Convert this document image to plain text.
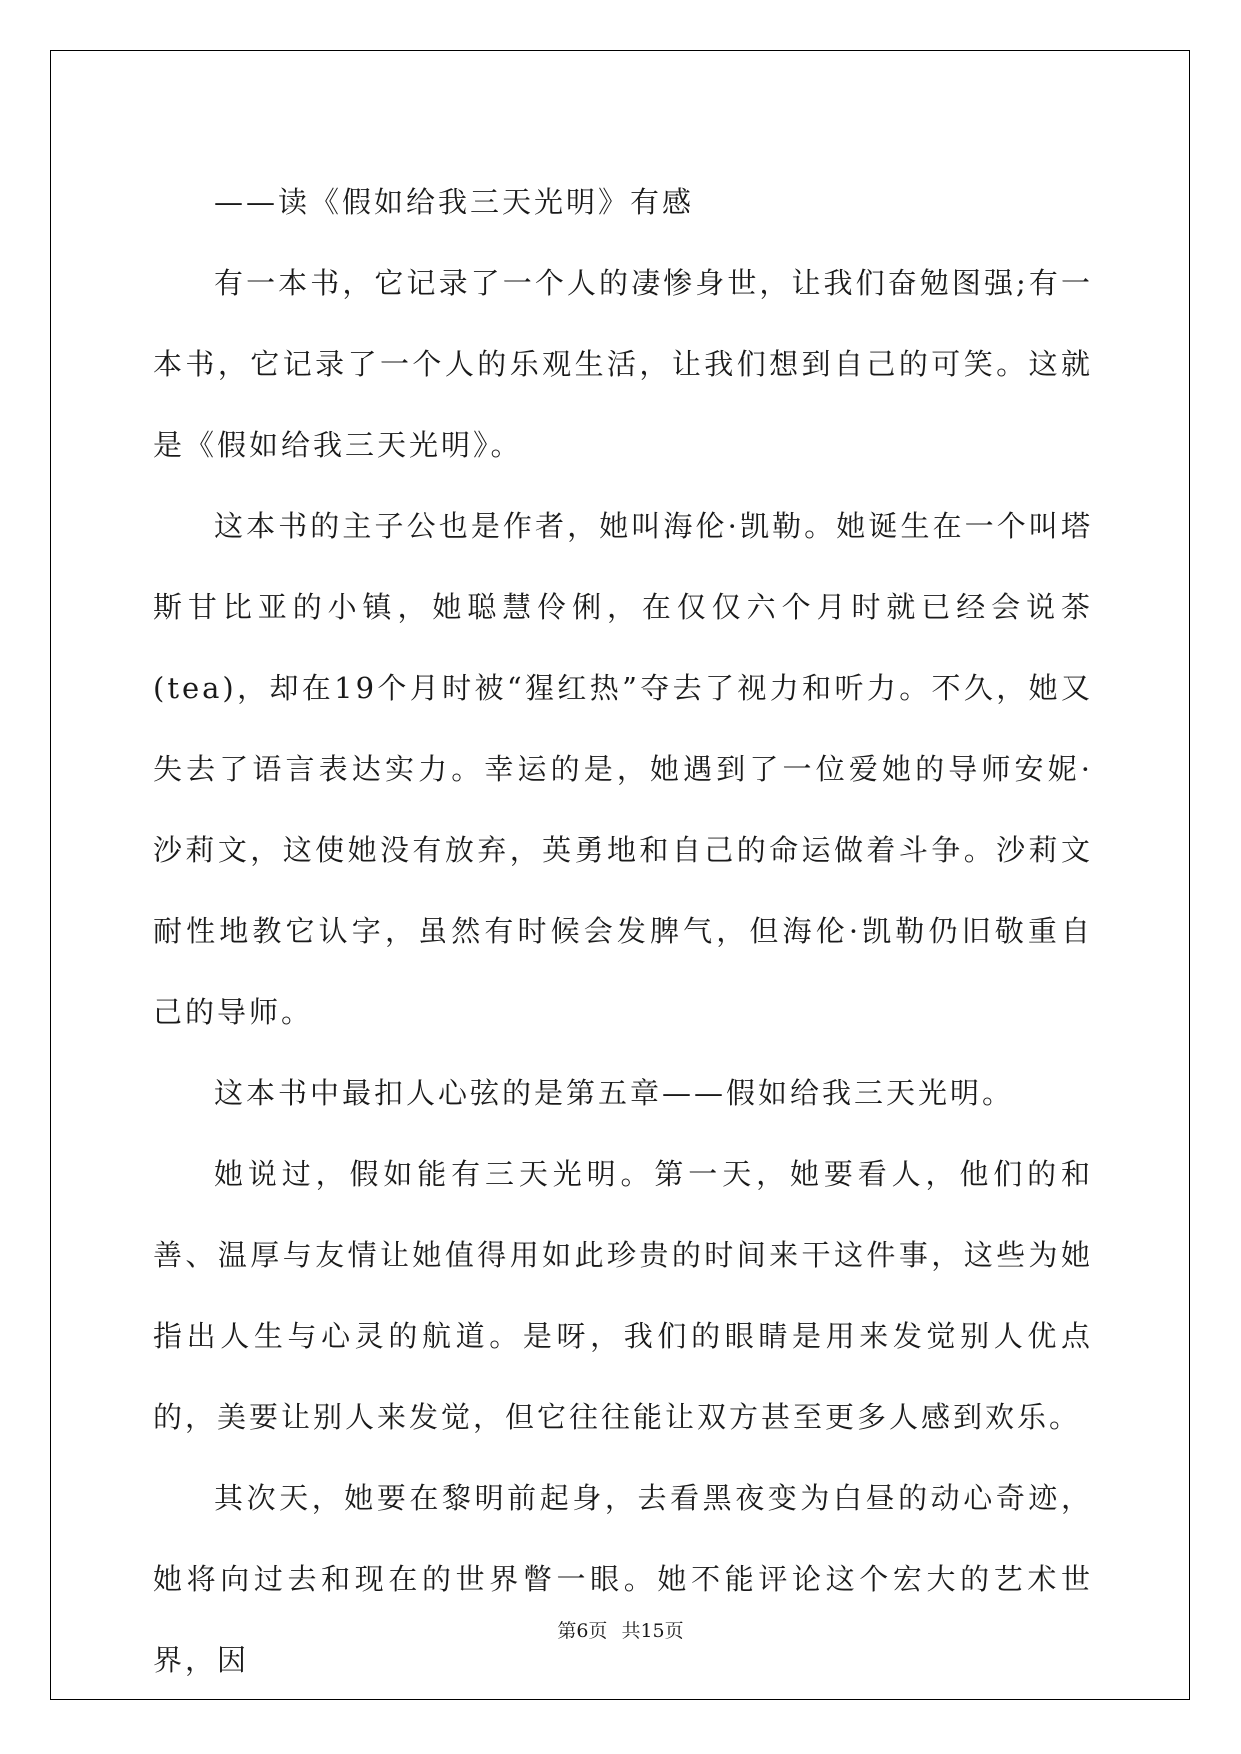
——读《假如给我三天光明》有感

有一本书，它记录了一个人的凄惨身世，让我们奋勉图强;有一本书，它记录了一个人的乐观生活，让我们想到自己的可笑。这就是《假如给我三天光明》。

这本书的主子公也是作者，她叫海伦·凯勒。她诞生在一个叫塔斯甘比亚的小镇，她聪慧伶俐，在仅仅六个月时就已经会说茶(tea)，却在19个月时被“猩红热”夺去了视力和听力。不久，她又失去了语言表达实力。幸运的是，她遇到了一位爱她的导师安妮·沙莉文，这使她没有放弃，英勇地和自己的命运做着斗争。沙莉文耐性地教它认字，虽然有时候会发脾气，但海伦·凯勒仍旧敬重自己的导师。

这本书中最扣人心弦的是第五章——假如给我三天光明。

她说过，假如能有三天光明。第一天，她要看人，他们的和善、温厚与友情让她值得用如此珍贵的时间来干这件事，这些为她指出人生与心灵的航道。是呀，我们的眼睛是用来发觉别人优点的，美要让别人来发觉，但它往往能让双方甚至更多人感到欢乐。

其次天，她要在黎明前起身，去看黑夜变为白昼的动心奇迹，她将向过去和现在的世界瞥一眼。她不能评论这个宏大的艺术世界，因

第6页 共15页
